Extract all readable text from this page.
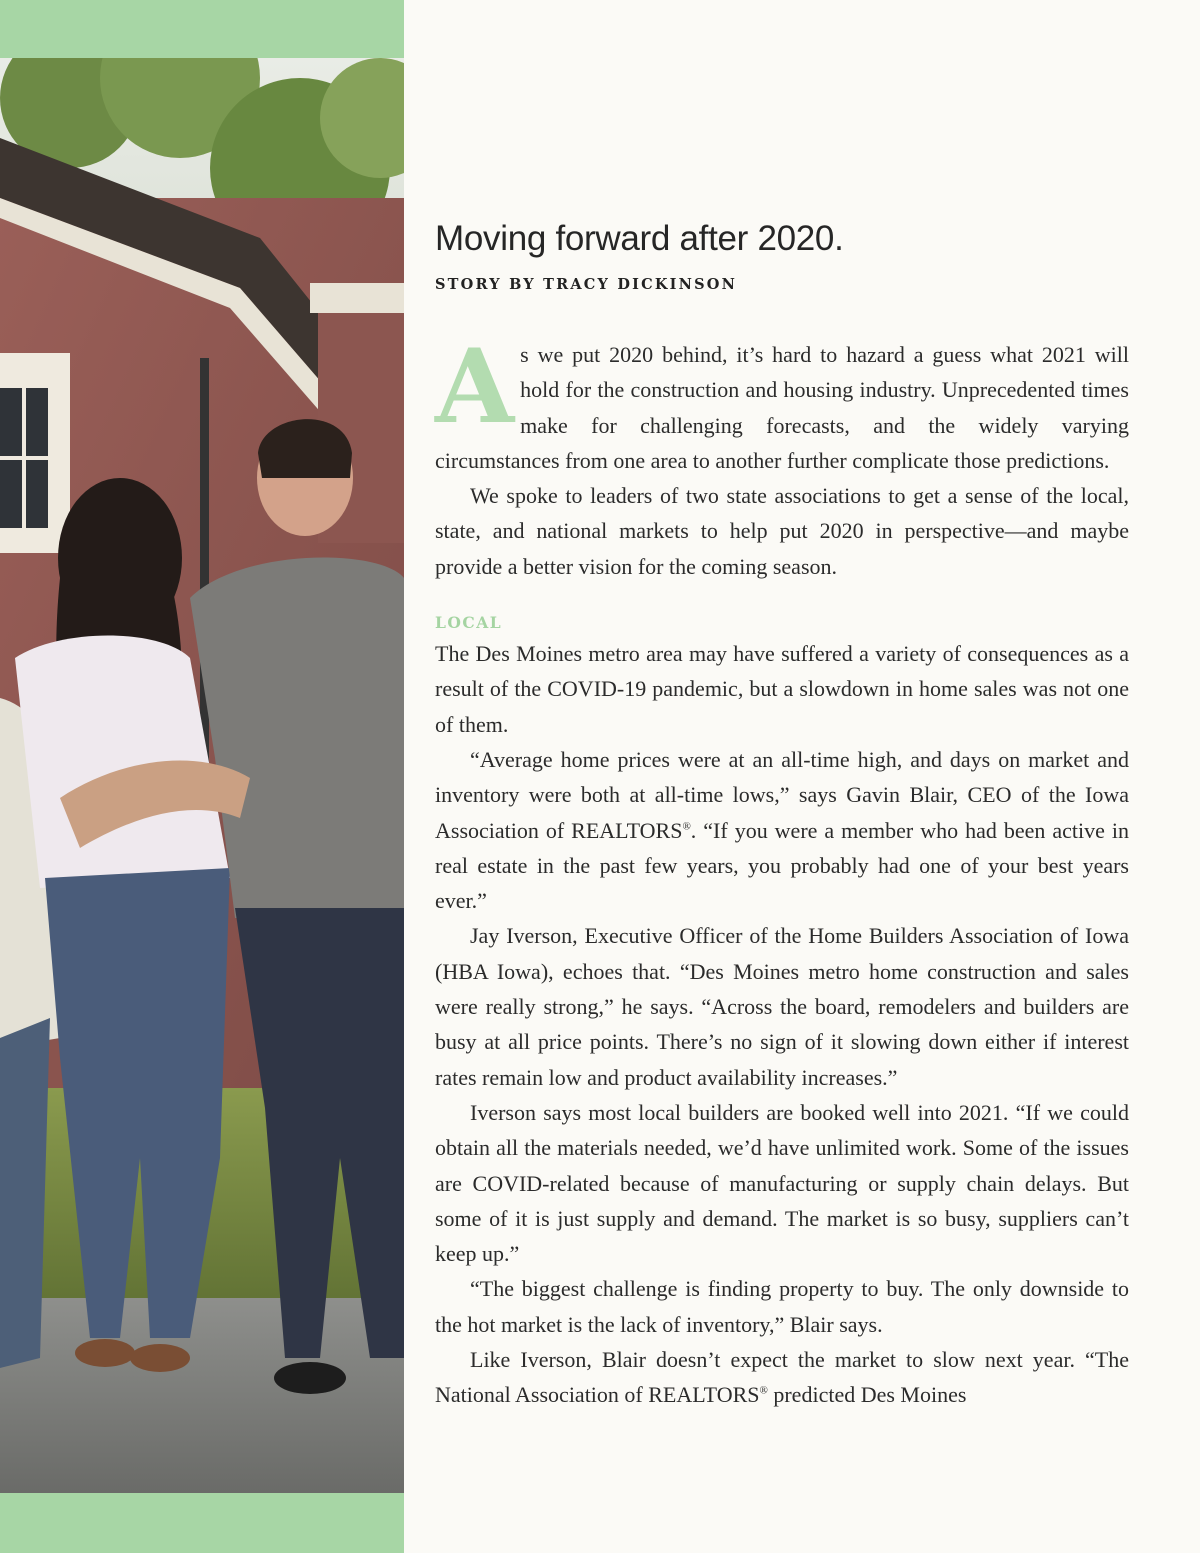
Moving forward after 2020.
STORY BY TRACY DICKINSON

As we put 2020 behind, it’s hard to hazard a guess what 2021 will hold for the construction and housing industry. Unprecedented times make for challenging forecasts, and the widely varying circumstances from one area to another further complicate those predictions.

We spoke to leaders of two state associations to get a sense of the local, state, and national markets to help put 2020 in perspective—and maybe provide a better vision for the coming season.

LOCAL

The Des Moines metro area may have suffered a variety of consequences as a result of the COVID-19 pandemic, but a slowdown in home sales was not one of them.

“Average home prices were at an all-time high, and days on market and inventory were both at all-time lows,” says Gavin Blair, CEO of the Iowa Association of REALTORS®. “If you were a member who had been active in real estate in the past few years, you probably had one of your best years ever.”

Jay Iverson, Executive Officer of the Home Builders Association of Iowa (HBA Iowa), echoes that. “Des Moines metro home construction and sales were really strong,” he says. “Across the board, remodelers and builders are busy at all price points. There’s no sign of it slowing down either if interest rates remain low and product availability increases.”

Iverson says most local builders are booked well into 2021. “If we could obtain all the materials needed, we’d have unlimited work. Some of the issues are COVID-related because of manufacturing or supply chain delays. But some of it is just supply and demand. The market is so busy, suppliers can’t keep up.”

“The biggest challenge is finding property to buy. The only downside to the hot market is the lack of inventory,” Blair says.

Like Iverson, Blair doesn’t expect the market to slow next year. “The National Association of REALTORS® predicted Des Moines
